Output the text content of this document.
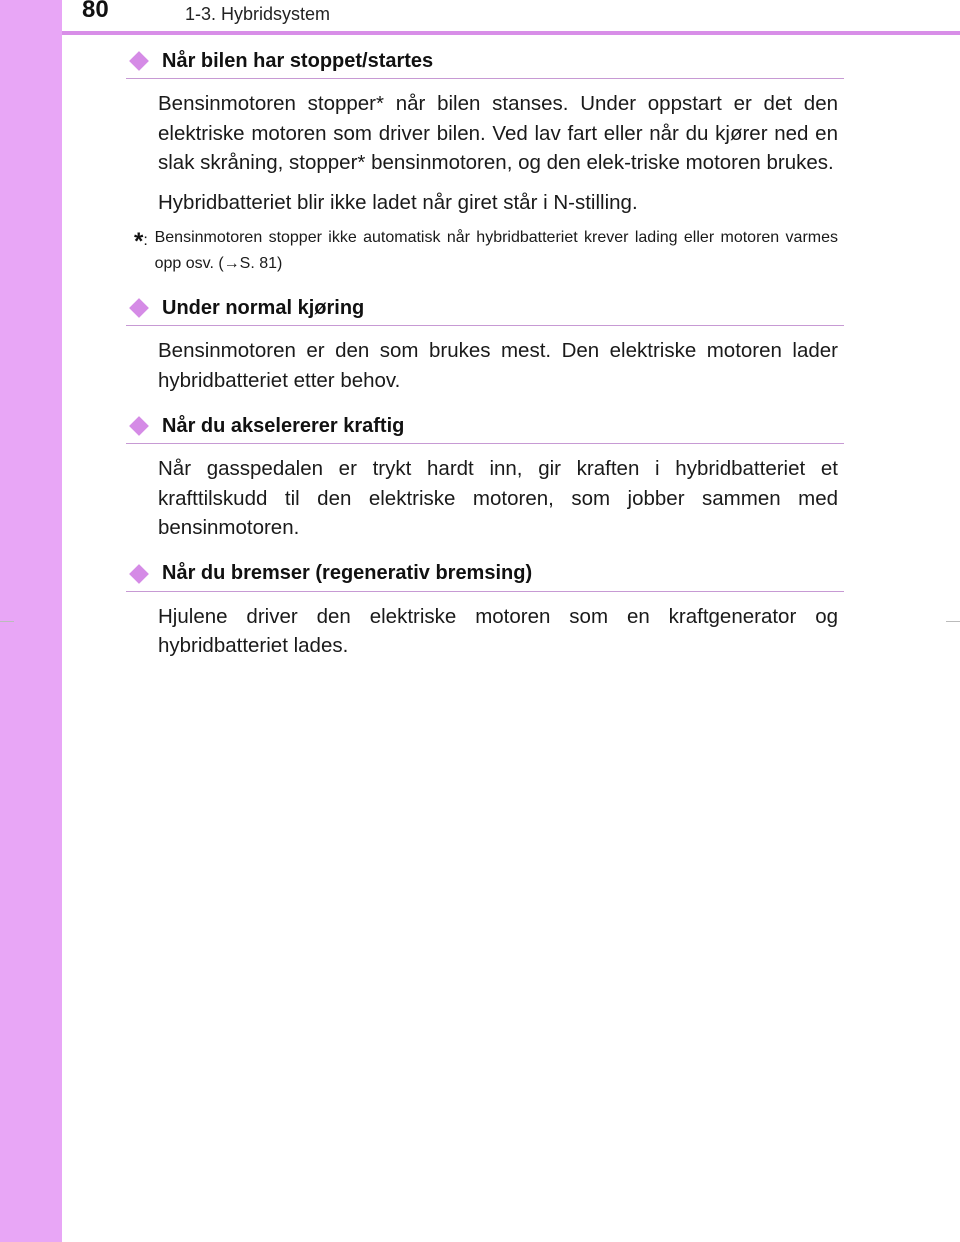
80	1-3. Hybridsystem
Når bilen har stoppet/startes

Bensinmotoren stopper* når bilen stanses. Under oppstart er det den elektriske motoren som driver bilen. Ved lav fart eller når du kjører ned en slak skråning, stopper* bensinmotoren, og den elek-triske motoren brukes.

Hybridbatteriet blir ikke ladet når giret står i N-stilling.

*: Bensinmotoren stopper ikke automatisk når hybridbatteriet krever lading eller motoren varmes opp osv. (→S. 81)
Under normal kjøring

Bensinmotoren er den som brukes mest. Den elektriske motoren lader hybridbatteriet etter behov.

Når du akselererer kraftig

Når gasspedalen er trykt hardt inn, gir kraften i hybridbatteriet et krafttilskudd til den elektriske motoren, som jobber sammen med bensinmotoren.

Når du bremser (regenerativ bremsing)

Hjulene driver den elektriske motoren som en kraftgenerator og hybridbatteriet lades.
